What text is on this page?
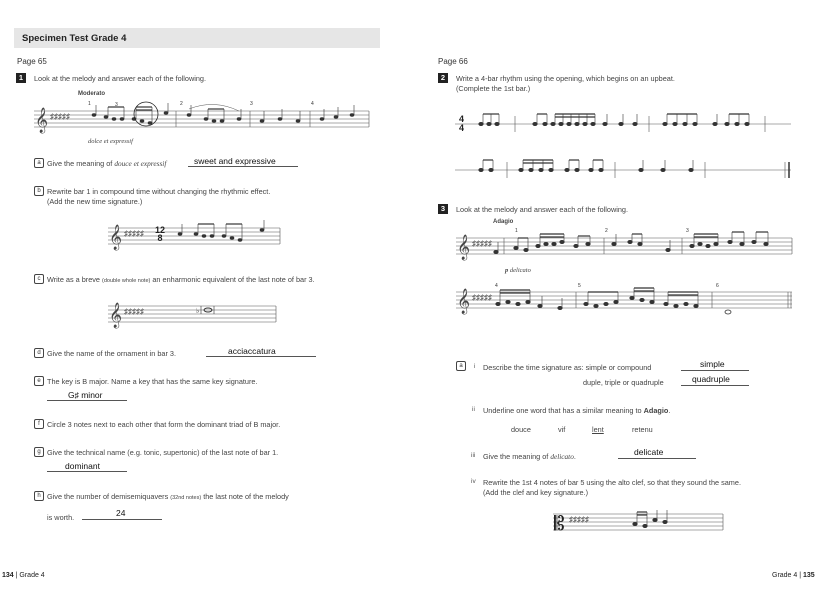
Specimen Test Grade 4
Page 65
1	Look at the melody and answer each of the following.
Moderato
dolce et expressif
1	3	2	3	4
𝄞 ♯♯♯♯♯
a Give the meaning of douce et expressif	sweet and expressive
b Rewrite bar 1 in compound time without changing the rhythmic effect.
(Add the new time signature.)
𝄞 ♯♯♯♯♯ 12
8
c Write as a breve (double whole note) an enharmonic equivalent of the last note of bar 3.
𝄞 ♯♯♯♯♯	♭
d Give the name of the ornament in bar 3.	acciaccatura
e The key is B major. Name a key that has the same key signature.
G♯ minor
f Circle 3 notes next to each other that form the dominant triad of B major.
g Give the technical name (e.g. tonic, supertonic) of the last note of bar 1.
dominant
h Give the number of demisemiquavers (32nd notes) the last note of the melody
is worth.	24
134 | Grade 4
Page 66
2	Write a 4-bar rhythm using the opening, which begins on an upbeat.
(Complete the 1st bar.)
4
4
3	Look at the melody and answer each of the following.
Adagio
p delicato
1	2	3
4	5	6
𝄞 ♯♯♯♯♯
𝄞 ♯♯♯♯♯
a	i Describe the time signature as: simple or compound	simple
duple, triple or quadruple	quadruple
ii Underline one word that has a similar meaning to Adagio.
douce	vif	lent	retenu
iii Give the meaning of delicato.	delicate
iv Rewrite the 1st 4 notes of bar 5 using the alto clef, so that they sound the same.
(Add the clef and key signature.)
𝄡 ♯♯♯♯♯
Grade 4 | 135
